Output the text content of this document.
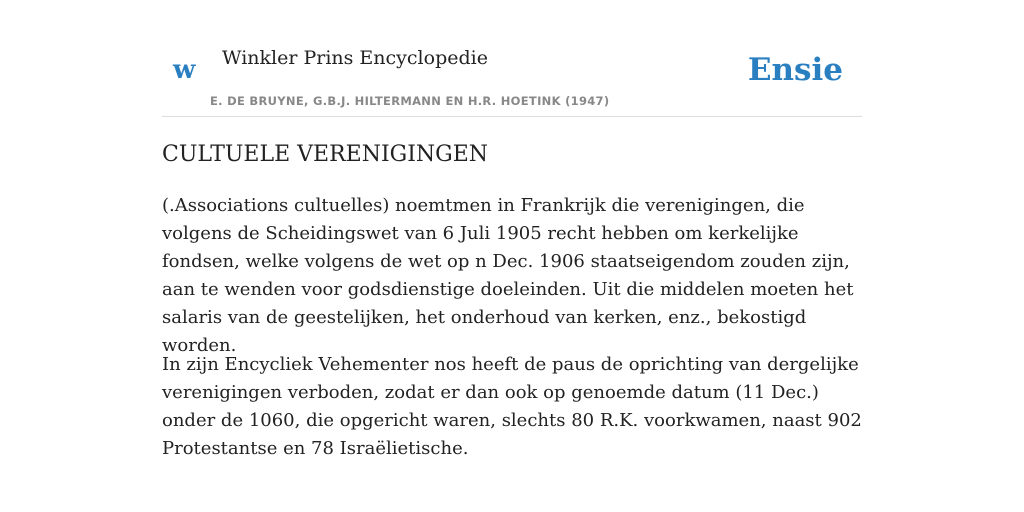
w Winkler Prins Encyclopedie
E. DE BRUYNE, G.B.J. HILTERMANN EN H.R. HOETINK (1947)
Ensie
CULTUELE VERENIGINGEN

(.Associations cultuelles) noemtmen in Frankrijk die verenigingen, die volgens de Scheidingswet van 6 Juli 1905 recht hebben om kerkelijke fondsen, welke volgens de wet op n Dec. 1906 staatseigendom zouden zijn, aan te wenden voor godsdienstige doeleinden. Uit die middelen moeten het salaris van de geestelijken, het onderhoud van kerken, enz., bekostigd worden.

In zijn Encycliek Vehementer nos heeft de paus de oprichting van dergelijke verenigingen verboden, zodat er dan ook op genoemde datum (11 Dec.) onder de 1060, die opgericht waren, slechts 80 R.K. voorkwamen, naast 902 Protestantse en 78 Israëlietische.
